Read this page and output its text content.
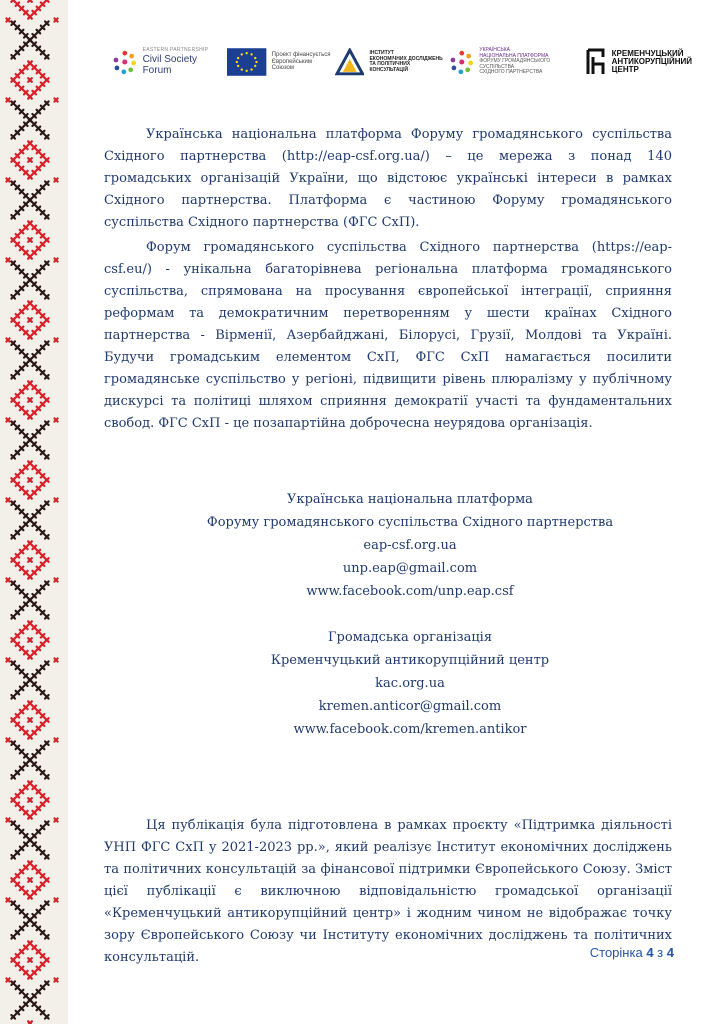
EASTERN PARTNERSHIP
Civil Society Forum
Проект фінансується
Європейським Союзом
ІНСТИТУТ
ЕКОНОМІЧНИХ ДОСЛІДЖЕНЬ
ТА ПОЛІТИЧНИХ КОНСУЛЬТАЦІЙ
УКРАЇНСЬКА
НАЦІОНАЛЬНА ПЛАТФОРМА
ФОРУМУ ГРОМАДЯНСЬКОГО СУСПІЛЬСТВА
СХІДНОГО ПАРТНЕРСТВА
КРЕМЕНЧУЦЬКИЙ
АНТИКОРУПЦІЙНИЙ
ЦЕНТР

Українська національна платформа Форуму громадянського суспільства Східного партнерства (http://eap-csf.org.ua/) – це мережа з понад 140 громадських організацій України, що відстоює українські інтереси в рамках Східного партнерства. Платформа є частиною Форуму громадянського суспільства Східного партнерства (ФГС СхП).

Форум громадянського суспільства Східного партнерства (https://eap-csf.eu/) - унікальна багаторівнева регіональна платформа громадянського суспільства, спрямована на просування європейської інтеграції, сприяння реформам та демократичним перетворенням у шести країнах Східного партнерства - Вірменії, Азербайджані, Білорусі, Грузії, Молдові та Україні. Будучи громадським елементом СхП, ФГС СхП намагається посилити громадянське суспільство у регіоні, підвищити рівень плюралізму у публічному дискурсі та політиці шляхом сприяння демократії участі та фундаментальних свобод. ФГС СхП - це позапартійна доброчесна неурядова організація.

Українська національна платформа
Форуму громадянського суспільства Східного партнерства
eap-csf.org.ua
unp.eap@gmail.com
www.facebook.com/unp.eap.csf
Громадська організація
Кременчуцький антикорупційний центр
kac.org.ua
kremen.anticor@gmail.com
www.facebook.com/kremen.antikor

Ця публікація була підготовлена в рамках проєкту «Підтримка діяльності УНП ФГС СхП у 2021-2023 рр.», який реалізує Інститут економічних досліджень та політичних консультацій за фінансової підтримки Європейського Союзу. Зміст цієї публікації є виключною відповідальністю громадської організації «Кременчуцький антикорупційний центр» і жодним чином не відображає точку зору Європейського Союзу чи Інституту економічних досліджень та політичних консультацій.	Сторінка 4 з 4
